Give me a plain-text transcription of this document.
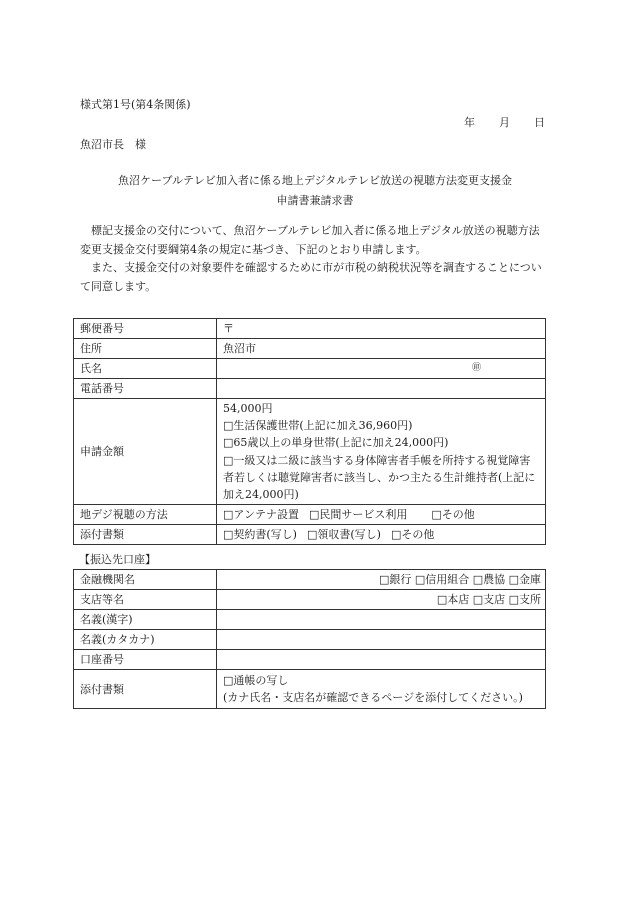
様式第1号(第4条関係)
年 月 日
魚沼市長　様
魚沼ケーブルテレビ加入者に係る地上デジタルテレビ放送の視聴方法変更支援金
申請書兼請求書

標記支援金の交付について、魚沼ケーブルテレビ加入者に係る地上デジタル放送の視聴方法変更支援金交付要綱第4条の規定に基づき、下記のとおり申請します。

また、支援金交付の対象要件を確認するために市が市税の納税状況等を調査することについて同意します。

郵便番号	〒
住所	魚沼市
氏名	㊞

電話番号	
申請金額	54,000円
□生活保護世帯(上記に加え36,960円)
□65歳以上の単身世帯(上記に加え24,000円)
□一級又は二級に該当する身体障害者手帳を所持する視覚障害者若しくは聴覚障害者に該当し、かつ主たる生計維持者(上記に加え24,000円)

地デジ視聴の方法	□アンテナ設置 □民間サービス利用 □その他
添付書類	□契約書(写し) □領収書(写し) □その他
【振込先口座】
金融機関名	□銀行 □信用組合 □農協 □金庫
支店等名	□本店 □支店 □支所
名義(漢字)	
名義(カタカナ)	
口座番号	
添付書類	□通帳の写し
(カナ氏名・支店名が確認できるページを添付してください。)
